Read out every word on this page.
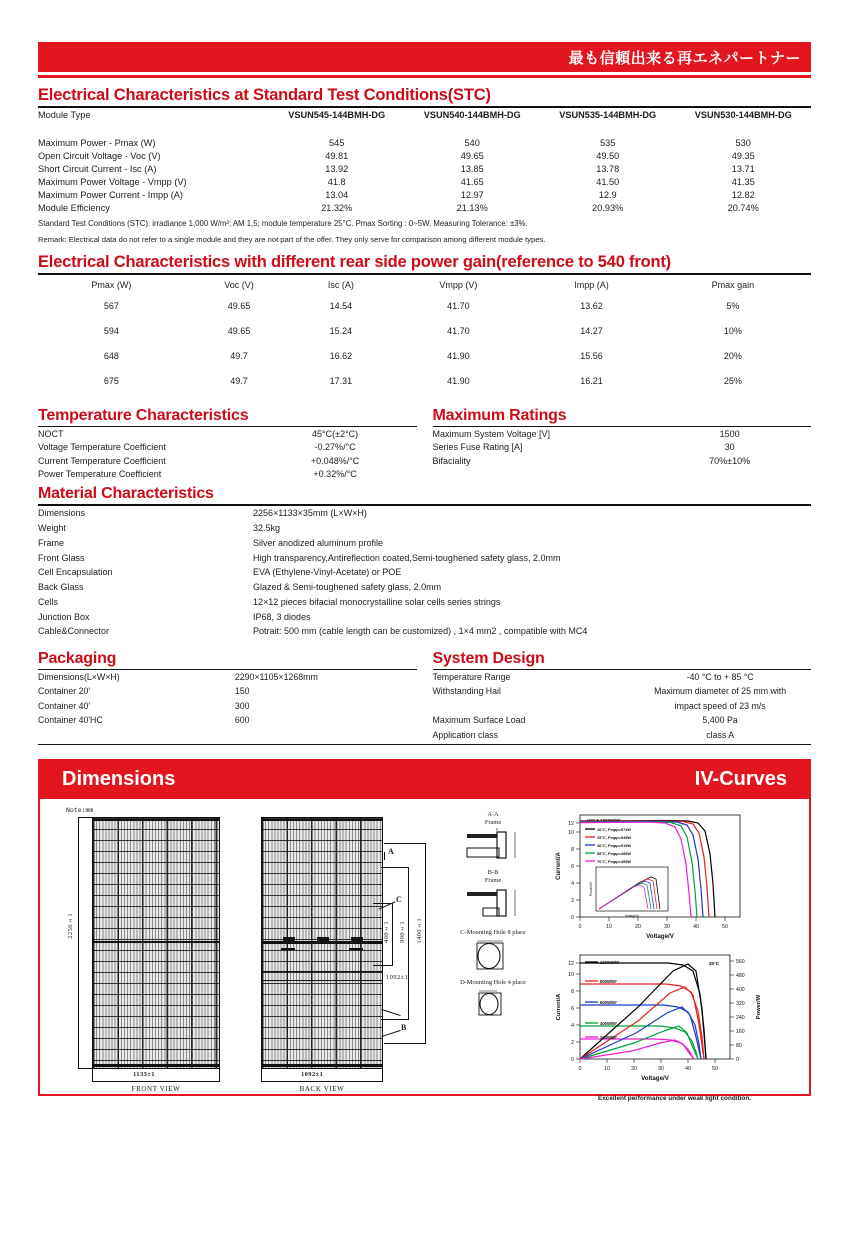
最も信頼出来る再エネパートナー
Electrical Characteristics at Standard Test Conditions(STC)
Module Type	VSUN545-144BMH-DG	VSUN540-144BMH-DG	VSUN535-144BMH-DG	VSUN530-144BMH-DG
Maximum Power - Pmax (W)	545	540	535	530
Open Circuit Voltage - Voc (V)	49.81	49.65	49.50	49.35
Short Circuit Current - Isc (A)	13.92	13.85	13.78	13.71
Maximum Power Voltage - Vmpp (V)	41.8	41.65	41.50	41.35
Maximum Power Current - Impp (A)	13.04	12.97	12.9	12.82
Module Efficiency	21.32%	21.13%	20.93%	20.74%
Standard Test Conditions (STC): irradiance 1,000 W/m²; AM 1,5; module temperature 25°C. Pmax Sorting : 0~5W. Measuring Tolerance: ±3%.
Remark: Electrical data do not refer to a single module and they are not part of the offer. They only serve for comparison among different module types.
Electrical Characteristics with different rear side power gain(reference to 540 front)
Pmax (W)	Voc (V)	Isc (A)	Vmpp (V)	Impp (A)	Pmax gain
567	49.65	14.54	41.70	13.62	5%
594	49.65	15.24	41.70	14.27	10%
648	49.7	16.62	41.90	15.56	20%
675	49.7	17.31	41.90	16.21	25%
Temperature Characteristics
NOCT	45°C(±2°C)
Voltage Temperature Coefficient	-0.27%/°C
Current Temperature Coefficient	+0.048%/°C
Power Temperature Coefficient	+0.32%/°C
Maximum Ratings
Maximum System Voltage [V]	1500
Series Fuse Rating [A]	30
Bifaciality	70%±10%
Material Characteristics
Dimensions	2256×1133×35mm (L×W×H)
Weight	32.5kg
Frame	Silver anodized aluminum profile
Front Glass	High transparency,Antireflection coated,Semi-toughened safety glass, 2.0mm
Cell Encapsulation	EVA (Ethylene-Vinyl-Acetate) or POE
Back Glass	Glazed & Semi-toughened safety glass, 2.0mm
Cells	12×12 pieces bifacial monocrystalline solar cells series strings
Junction Box	IP68, 3 diodes
Cable&Connector	Potrait: 500 mm (cable length can be customized) , 1×4 mm2 , compatible with MC4
Packaging
Dimensions(L×W×H)	2290×1105×1268mm
Container 20'	150
Container 40'	300
Container 40'HC	600
System Design
Temperature Range	-40 °C to + 85 °C
Withstanding Hail	Maximum diameter of 25 mm with
	impact speed of 23 m/s
Maximum Surface Load	5,400 Pa
Application class	class A
Dimensions	IV-Curves
Note:mm
2256±1
1133±1
FRONT VIEW
1400±1
900±1
400±1
1092±1
A
B
C
1092±1
BACK VIEW
A-A
Frame
B-B
Frame
C-Mounting Hole 8 place
D-Mounting Hole 4 place
0
2
4
6
8
10
12
0	10	20	30	40	50
Voltage/V
Current/A
AM1.5,1000W/M²
10°C, Pmpp=574W
25°C, Pmpp=545W
40°C, Pmpp=515W
55°C, Pmpp=486W
70°C, Pmpp=455W
Voltage/V
Power/W
0
2
4
6
8
10
12
0
80
160
240
320
400
480
560
0	10	20	30	40	50
Voltage/V
Current/A	Power/W
25°C
1000W/M²
800W/M²
600W/M²
400W/M²
200W/M²
Excellent performance under weak light condition.
